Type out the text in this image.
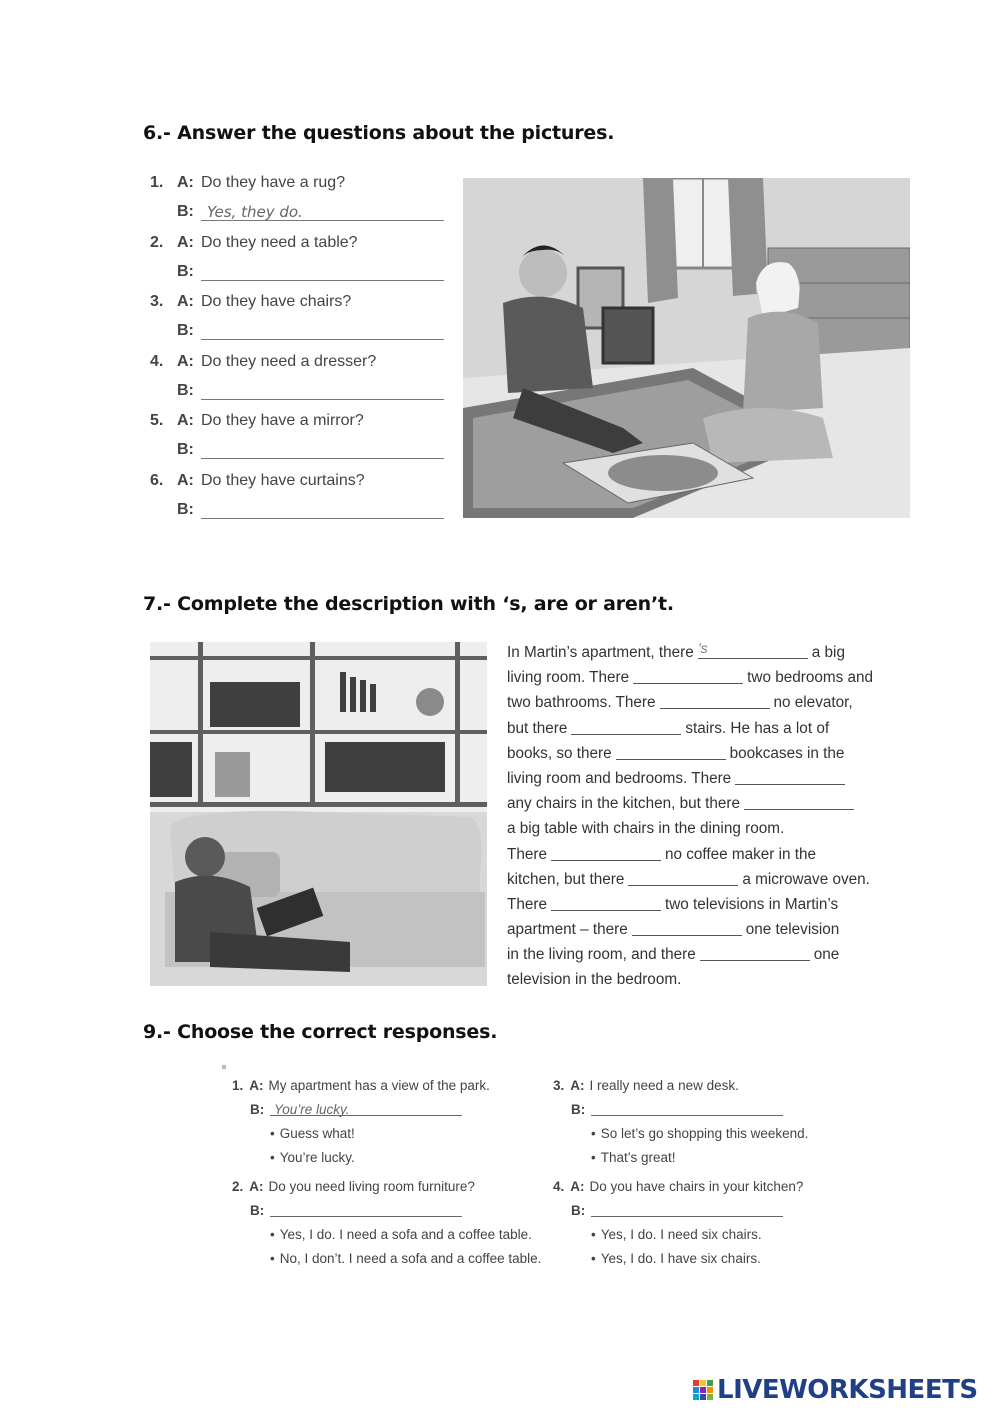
6.- Answer the questions about the pictures.
1. A: Do they have a rug?
B: Yes, they do.
2. A: Do they need a table?
B:
3. A: Do they have chairs?
B:
4. A: Do they need a dresser?
B:
5. A: Do they have a mirror?
B:
6. A: Do they have curtains?
B:
7.- Complete the description with ‘s, are or aren’t.
In Martin’s apartment, there ’s	a big
living room. There	two bedrooms and
two bathrooms. There	no elevator,
but there	stairs. He has a lot of
books, so there	bookcases in the
living room and bedrooms. There
any chairs in the kitchen, but there
a big table with chairs in the dining room.
There	no coffee maker in the
kitchen, but there	a microwave oven.
There	two televisions in Martin’s
apartment – there	one television
in the living room, and there	one
television in the bedroom.
9.- Choose the correct responses.
1. A: My apartment has a view of the park.
B: You’re lucky.
• Guess what!
• You’re lucky.
2. A: Do you need living room furniture?
B:
• Yes, I do. I need a sofa and a coffee table.
• No, I don’t. I need a sofa and a coffee table.
3. A: I really need a new desk.
B:
• So let’s go shopping this weekend.
• That’s great!
4. A: Do you have chairs in your kitchen?
B:
• Yes, I do. I need six chairs.
• Yes, I do. I have six chairs.
LIVEWORKSHEETS
